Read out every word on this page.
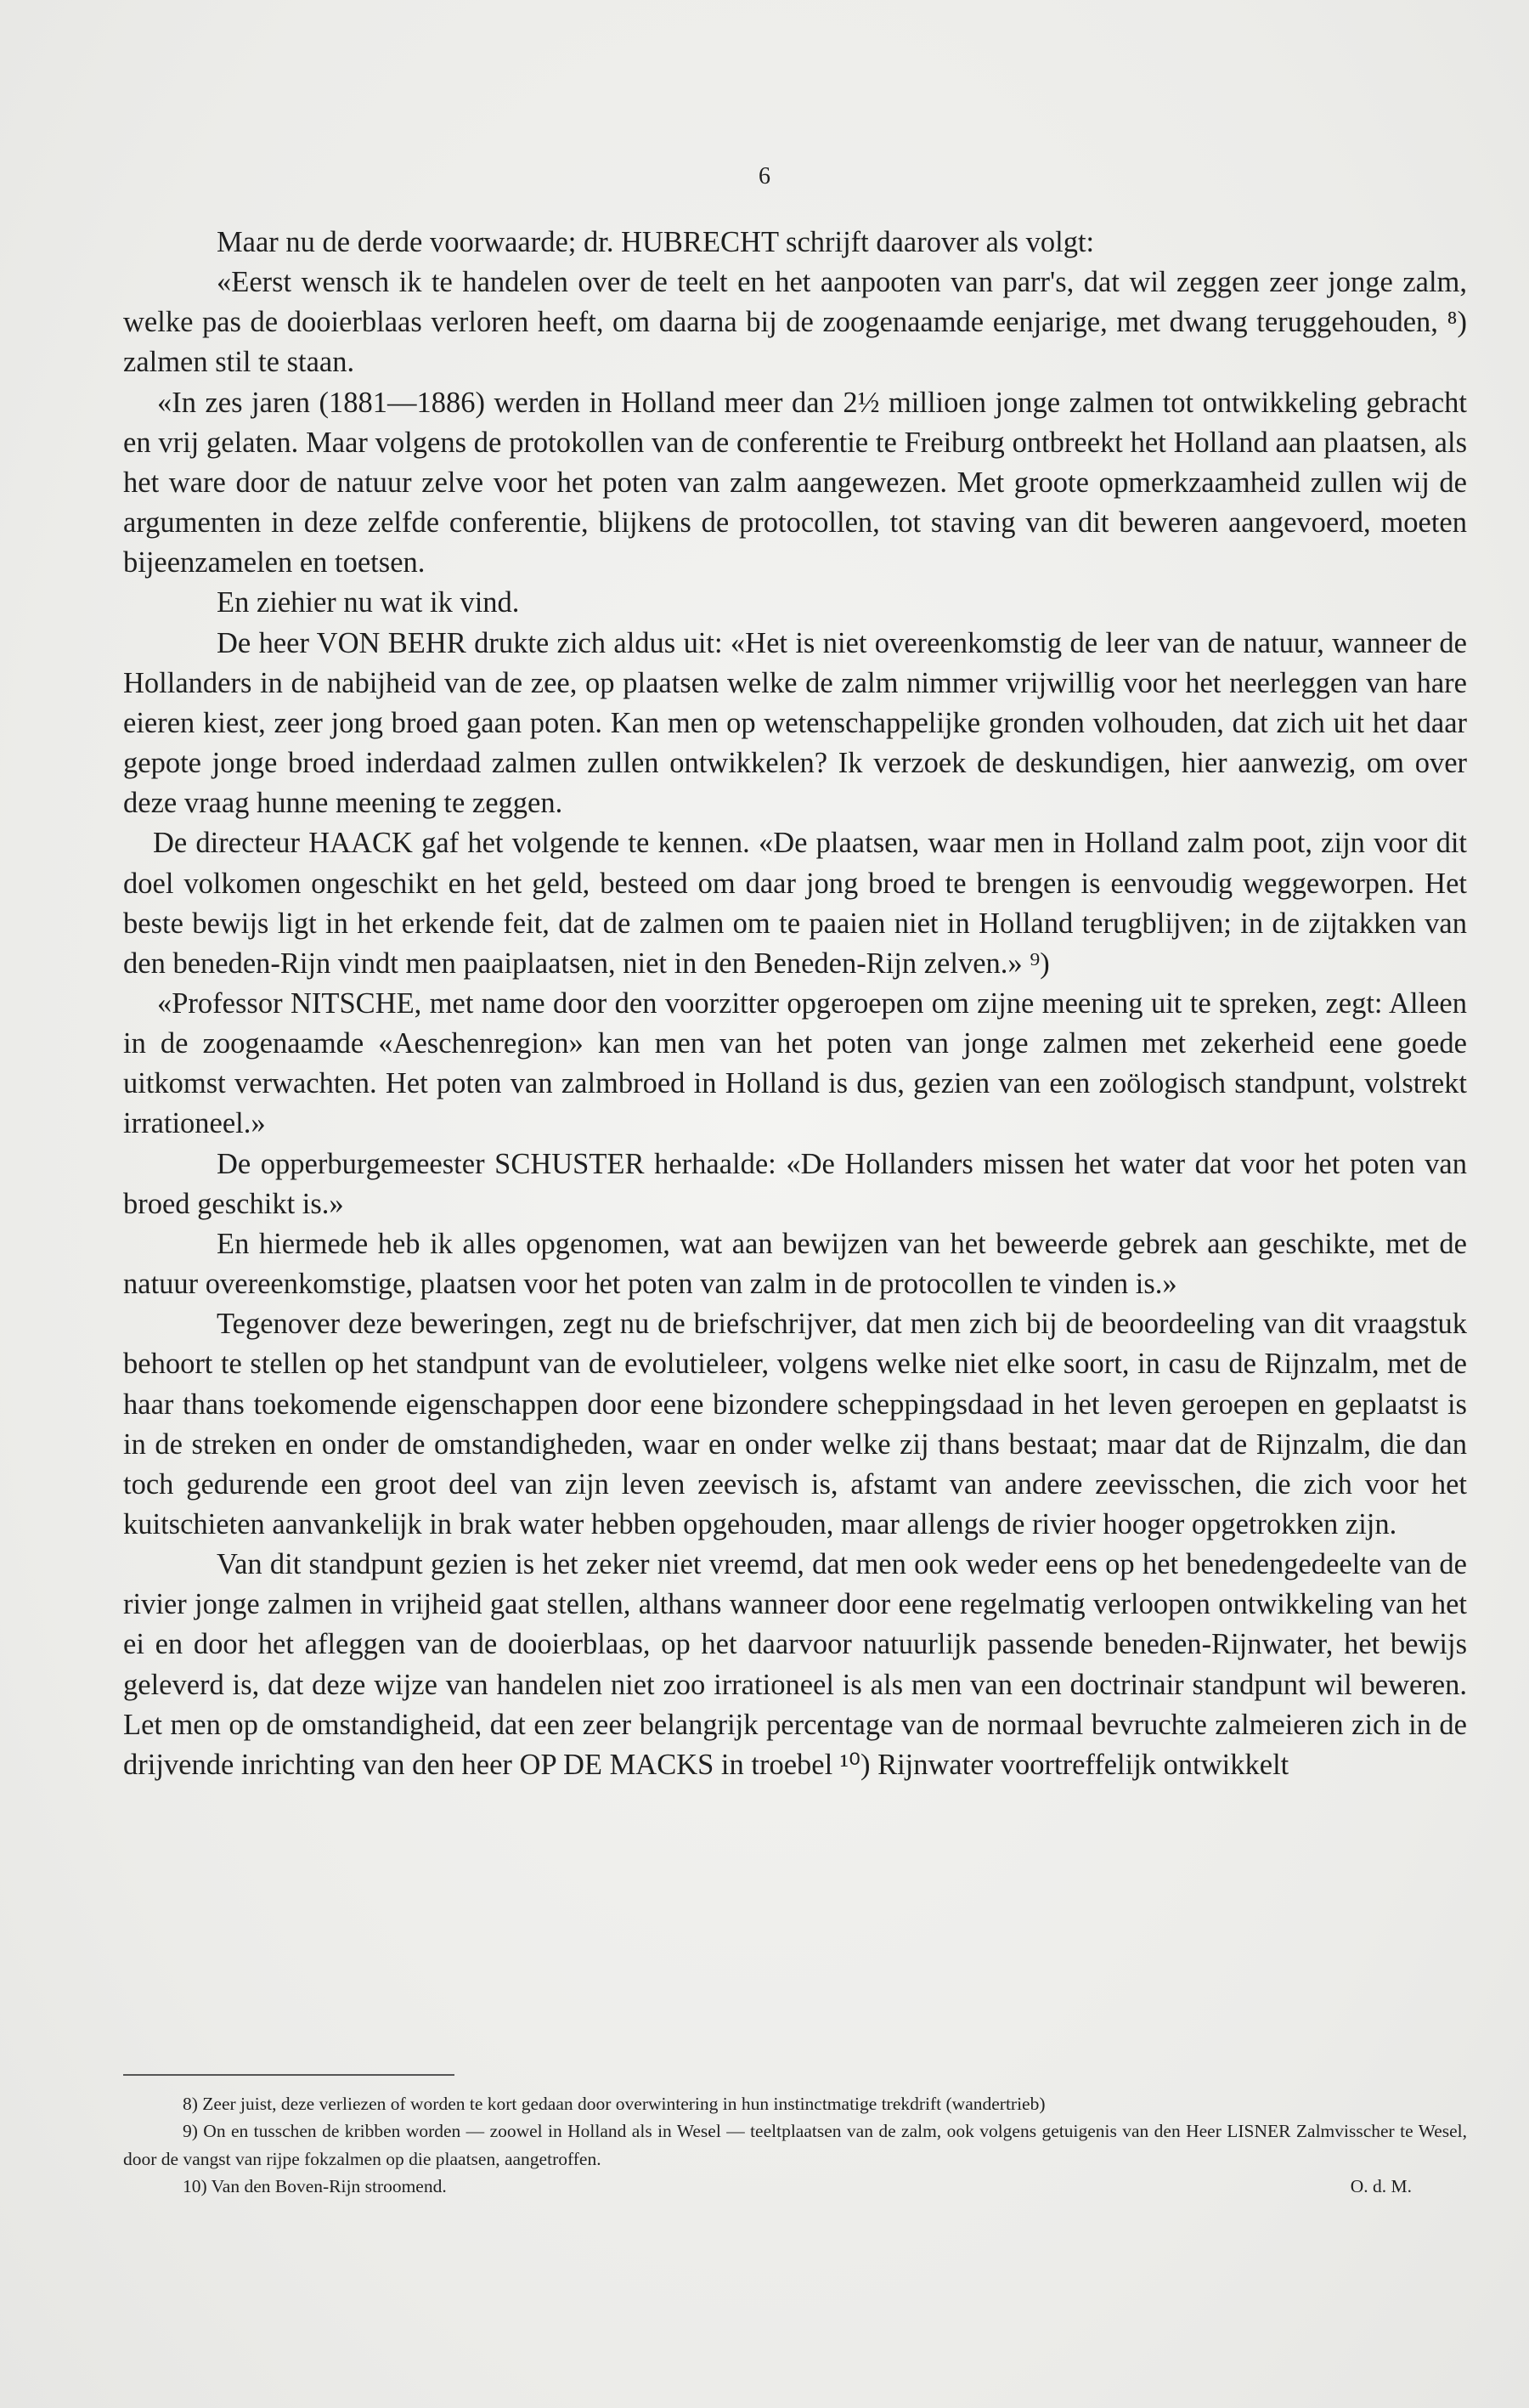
6

Maar nu de derde voorwaarde; dr. HUBRECHT schrijft daarover als volgt:

«Eerst wensch ik te handelen over de teelt en het aanpooten van parr's, dat wil zeggen zeer jonge zalm, welke pas de dooierblaas verloren heeft, om daarna bij de zoogenaamde eenjarige, met dwang teruggehouden, ⁸) zalmen stil te staan.

«In zes jaren (1881—1886) werden in Holland meer dan 2½ millioen jonge zalmen tot ontwikkeling gebracht en vrij gelaten. Maar volgens de protokollen van de conferentie te Freiburg ontbreekt het Holland aan plaatsen, als het ware door de natuur zelve voor het poten van zalm aangewezen. Met groote opmerkzaamheid zullen wij de argumenten in deze zelfde conferentie, blijkens de protocollen, tot staving van dit beweren aangevoerd, moeten bijeenzamelen en toetsen.

En ziehier nu wat ik vind.

De heer VON BEHR drukte zich aldus uit: «Het is niet overeenkomstig de leer van de natuur, wanneer de Hollanders in de nabijheid van de zee, op plaatsen welke de zalm nimmer vrijwillig voor het neerleggen van hare eieren kiest, zeer jong broed gaan poten. Kan men op wetenschappelijke gronden volhouden, dat zich uit het daar gepote jonge broed inderdaad zalmen zullen ontwikkelen? Ik verzoek de deskundigen, hier aanwezig, om over deze vraag hunne meening te zeggen.

De directeur HAACK gaf het volgende te kennen. «De plaatsen, waar men in Holland zalm poot, zijn voor dit doel volkomen ongeschikt en het geld, besteed om daar jong broed te brengen is eenvoudig weggeworpen. Het beste bewijs ligt in het erkende feit, dat de zalmen om te paaien niet in Holland terugblijven; in de zijtakken van den beneden-Rijn vindt men paaiplaatsen, niet in den Beneden-Rijn zelven.» ⁹)

«Professor NITSCHE, met name door den voorzitter opgeroepen om zijne meening uit te spreken, zegt: Alleen in de zoogenaamde «Aeschenregion» kan men van het poten van jonge zalmen met zekerheid eene goede uitkomst verwachten. Het poten van zalmbroed in Holland is dus, gezien van een zoölogisch standpunt, volstrekt irrationeel.»

De opperburgemeester SCHUSTER herhaalde: «De Hollanders missen het water dat voor het poten van broed geschikt is.»

En hiermede heb ik alles opgenomen, wat aan bewijzen van het beweerde gebrek aan geschikte, met de natuur overeenkomstige, plaatsen voor het poten van zalm in de protocollen te vinden is.»

Tegenover deze beweringen, zegt nu de briefschrijver, dat men zich bij de beoordeeling van dit vraagstuk behoort te stellen op het standpunt van de evolutieleer, volgens welke niet elke soort, in casu de Rijnzalm, met de haar thans toekomende eigenschappen door eene bizondere scheppingsdaad in het leven geroepen en geplaatst is in de streken en onder de omstandigheden, waar en onder welke zij thans bestaat; maar dat de Rijnzalm, die dan toch gedurende een groot deel van zijn leven zeevisch is, afstamt van andere zeevisschen, die zich voor het kuitschieten aanvankelijk in brak water hebben opgehouden, maar allengs de rivier hooger opgetrokken zijn.

Van dit standpunt gezien is het zeker niet vreemd, dat men ook weder eens op het benedengedeelte van de rivier jonge zalmen in vrijheid gaat stellen, althans wanneer door eene regelmatig verloopen ontwikkeling van het ei en door het afleggen van de dooierblaas, op het daarvoor natuurlijk passende beneden-Rijnwater, het bewijs geleverd is, dat deze wijze van handelen niet zoo irrationeel is als men van een doctrinair standpunt wil beweren. Let men op de omstandigheid, dat een zeer belangrijk percentage van de normaal bevruchte zalmeieren zich in de drijvende inrichting van den heer OP DE MACKS in troebel ¹⁰) Rijnwater voortreffelijk ontwikkelt

8) Zeer juist, deze verliezen of worden te kort gedaan door overwintering in hun instinctmatige trekdrift (wandertrieb)

9) On en tusschen de kribben worden — zoowel in Holland als in Wesel — teeltplaatsen van de zalm, ook volgens getuigenis van den Heer LISNER Zalmvisscher te Wesel, door de vangst van rijpe fokzalmen op die plaatsen, aangetroffen.

10) Van den Boven-Rijn stroomend.	O. d. M.
